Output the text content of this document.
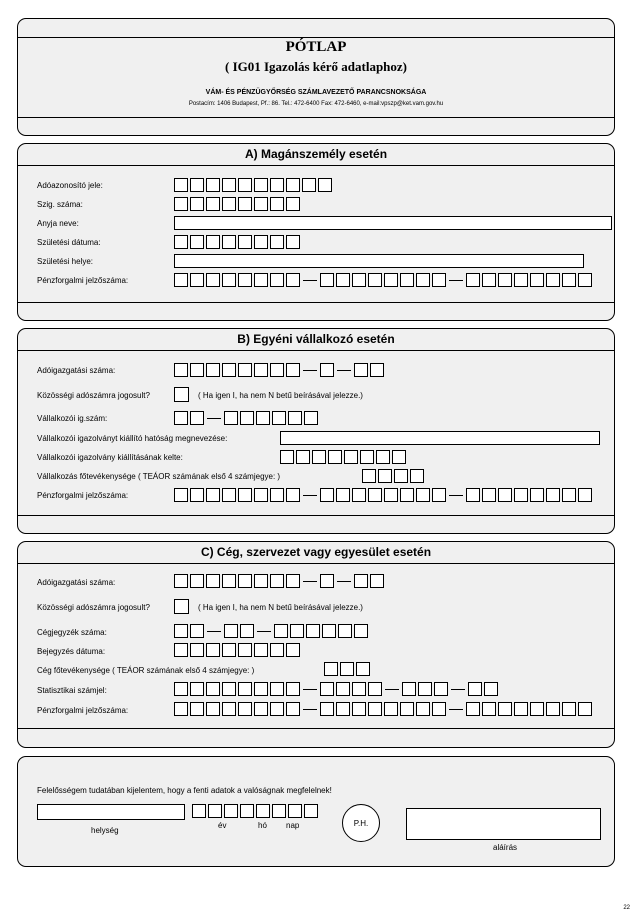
PÓTLAP
( IG01 Igazolás kérő adatlaphoz)
VÁM- ÉS PÉNZÜGYŐRSÉG SZÁMLAVEZETŐ PARANCSNOKSÁGA
Postacím: 1406 Budapest, Pf.: 86. Tel.: 472-6400 Fax: 472-6460, e-mail:vpszp@ket.vam.gov.hu
A) Magánszemély esetén
Adóazonosító jele:
Szig. száma:
Anyja neve:
Születési dátuma:
Születési helye:
Pénzforgalmi jelzőszáma:
B) Egyéni vállalkozó esetén
Adóigazgatási száma:
Közösségi adószámra jogosult?	( Ha igen I, ha nem N betű beírásával jelezze.)
Vállalkozói ig.szám:
Vállalkozói igazolványt kiállító hatóság megnevezése:
Vállalkozói igazolvány kiállításának kelte:
Vállalkozás főtevékenysége ( TEÁOR számának első 4 számjegye: )
Pénzforgalmi jelzőszáma:
C) Cég, szervezet vagy egyesület esetén
Adóigazgatási száma:
Közösségi adószámra jogosult?	( Ha igen I, ha nem N betű beírásával jelezze.)
Cégjegyzék száma:
Bejegyzés dátuma:
Cég főtevékenysége ( TEÁOR számának első 4 számjegye: )
Statisztikai számjel:
Pénzforgalmi jelzőszáma:
Felelősségem tudatában kijelentem, hogy a fenti adatok a valóságnak megfelelnek!
helység
év	hó nap	P.H.
aláírás
22
